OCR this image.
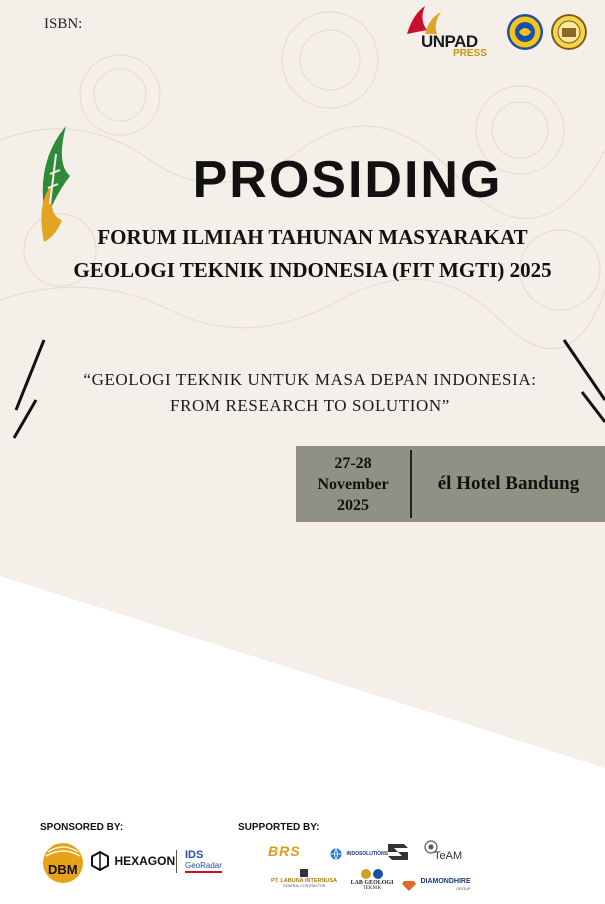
ISBN:
UNPAD
PRESS
PROSIDING
FORUM ILMIAH TAHUNAN MASYARAKAT
GEOLOGI TEKNIK INDONESIA (FIT MGTI) 2025
“GEOLOGI TEKNIK UNTUK MASA DEPAN INDONESIA:
FROM RESEARCH TO SOLUTION”
27-28
November
2025
él Hotel Bandung
SPONSORED BY:	SUPPORTED BY:
DBM
HEXAGON IDS
GeoRadar
BRS	INDOSOLUTIONS	TeAM
PT. LABUNA INTERNUSA
GENERAL CONTRACTOR	LAB GEOLOGI
TEKNIK

DIAMONDHIRE
GROUP
